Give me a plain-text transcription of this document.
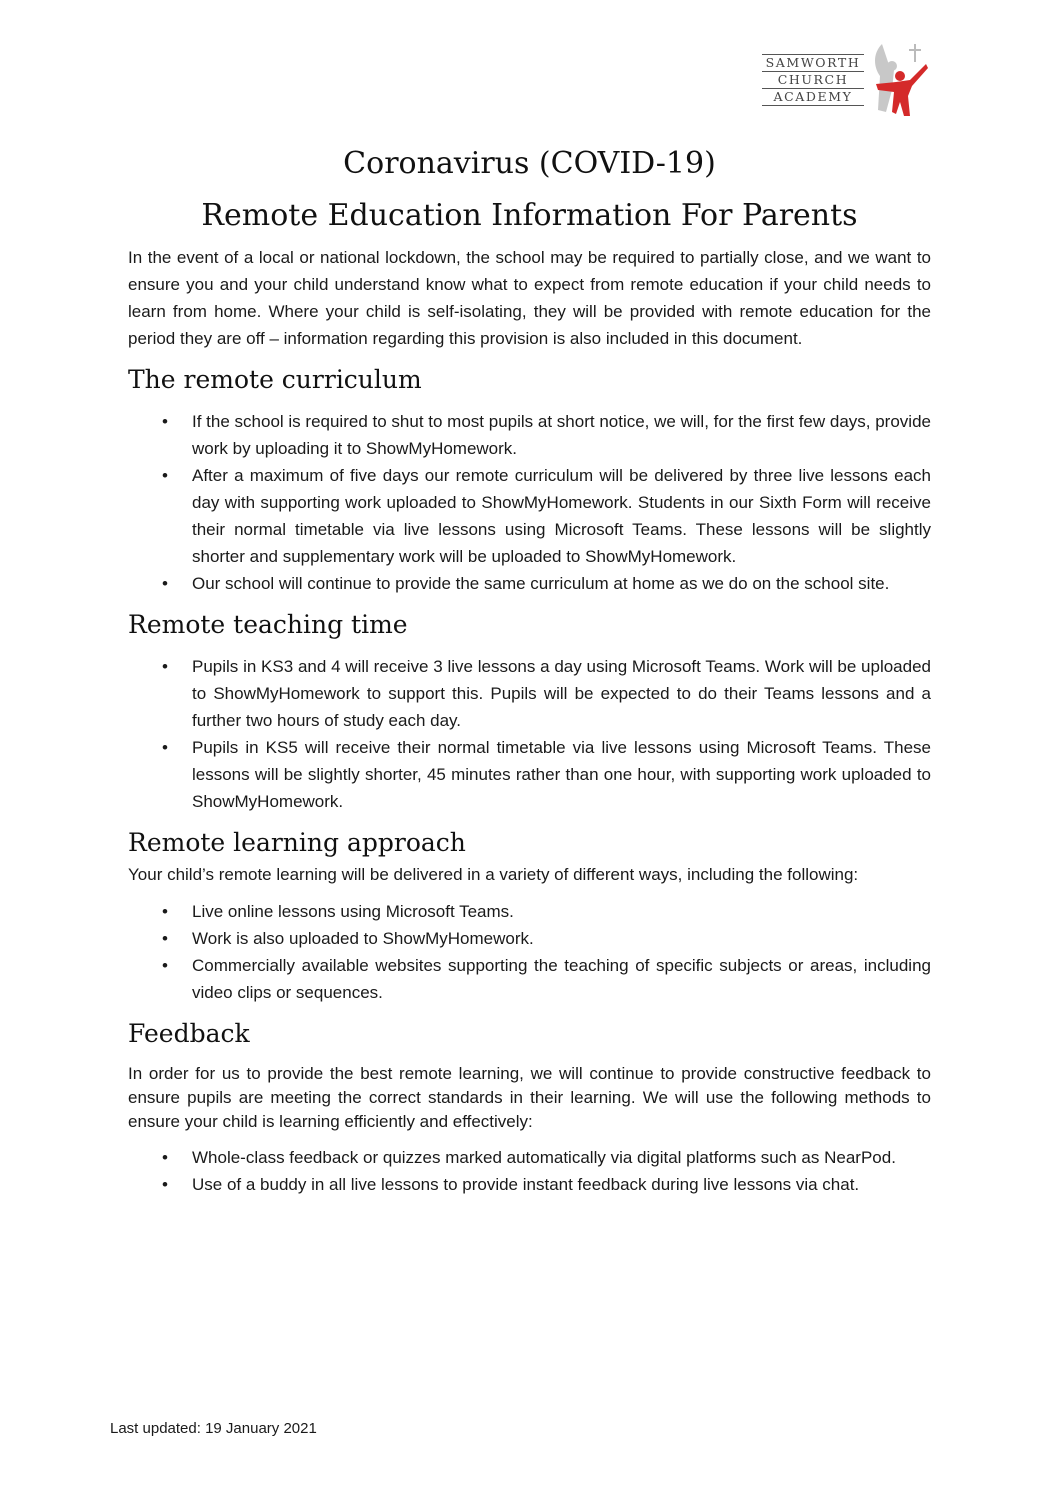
SAMWORTH
CHURCH
ACADEMY
Coronavirus (COVID-19)
Remote Education Information For Parents

In the event of a local or national lockdown, the school may be required to partially close, and we want to ensure you and your child understand know what to expect from remote education if your child needs to learn from home. Where your child is self-isolating, they will be provided with remote education for the period they are off – information regarding this provision is also included in this document.

The remote curriculum
• If the school is required to shut to most pupils at short notice, we will, for the first few days, provide work by uploading it to ShowMyHomework.
• After a maximum of five days our remote curriculum will be delivered by three live lessons each day with supporting work uploaded to ShowMyHomework. Students in our Sixth Form will receive their normal timetable via live lessons using Microsoft Teams. These lessons will be slightly shorter and supplementary work will be uploaded to ShowMyHomework.
• Our school will continue to provide the same curriculum at home as we do on the school site.
Remote teaching time
• Pupils in KS3 and 4 will receive 3 live lessons a day using Microsoft Teams. Work will be uploaded to ShowMyHomework to support this. Pupils will be expected to do their Teams lessons and a further two hours of study each day.
• Pupils in KS5 will receive their normal timetable via live lessons using Microsoft Teams. These lessons will be slightly shorter, 45 minutes rather than one hour, with supporting work uploaded to ShowMyHomework.
Remote learning approach

Your child’s remote learning will be delivered in a variety of different ways, including the following:

• Live online lessons using Microsoft Teams.
• Work is also uploaded to ShowMyHomework.
• Commercially available websites supporting the teaching of specific subjects or areas, including video clips or sequences.
Feedback

In order for us to provide the best remote learning, we will continue to provide constructive feedback to ensure pupils are meeting the correct standards in their learning. We will use the following methods to ensure your child is learning efficiently and effectively:

• Whole-class feedback or quizzes marked automatically via digital platforms such as NearPod.
• Use of a buddy in all live lessons to provide instant feedback during live lessons via chat.
Last updated: 19 January 2021
